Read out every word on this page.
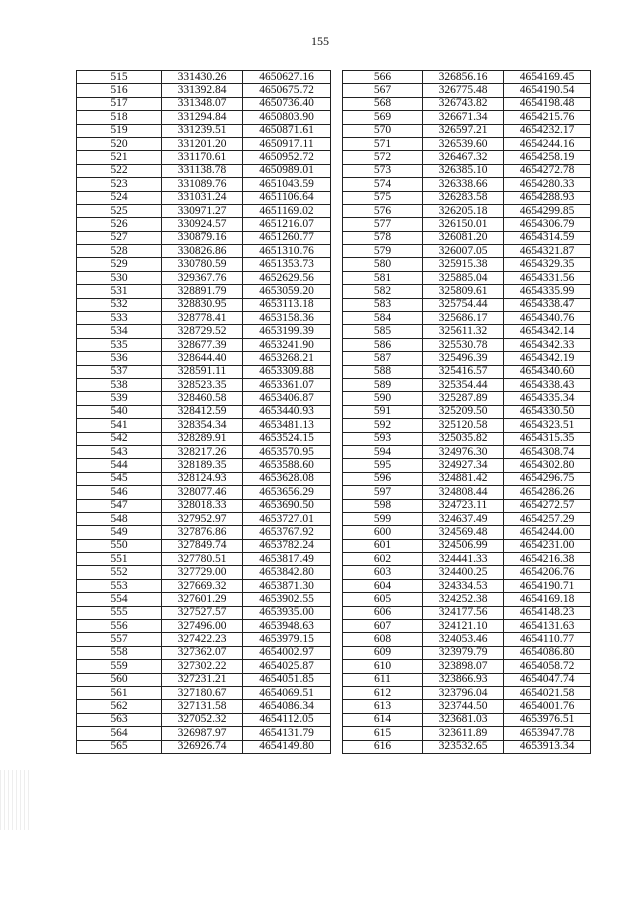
155
515	331430.26	4650627.16
516	331392.84	4650675.72
517	331348.07	4650736.40
518	331294.84	4650803.90
519	331239.51	4650871.61
520	331201.20	4650917.11
521	331170.61	4650952.72
522	331138.78	4650989.01
523	331089.76	4651043.59
524	331031.24	4651106.64
525	330971.27	4651169.02
526	330924.57	4651216.07
527	330879.16	4651260.77
528	330826.86	4651310.76
529	330780.59	4651353.73
530	329367.76	4652629.56
531	328891.79	4653059.20
532	328830.95	4653113.18
533	328778.41	4653158.36
534	328729.52	4653199.39
535	328677.39	4653241.90
536	328644.40	4653268.21
537	328591.11	4653309.88
538	328523.35	4653361.07
539	328460.58	4653406.87
540	328412.59	4653440.93
541	328354.34	4653481.13
542	328289.91	4653524.15
543	328217.26	4653570.95
544	328189.35	4653588.60
545	328124.93	4653628.08
546	328077.46	4653656.29
547	328018.33	4653690.50
548	327952.97	4653727.01
549	327876.86	4653767.92
550	327849.74	4653782.24
551	327780.51	4653817.49
552	327729.00	4653842.80
553	327669.32	4653871.30
554	327601.29	4653902.55
555	327527.57	4653935.00
556	327496.00	4653948.63
557	327422.23	4653979.15
558	327362.07	4654002.97
559	327302.22	4654025.87
560	327231.21	4654051.85
561	327180.67	4654069.51
562	327131.58	4654086.34
563	327052.32	4654112.05
564	326987.97	4654131.79
565	326926.74	4654149.80
566	326856.16	4654169.45
567	326775.48	4654190.54
568	326743.82	4654198.48
569	326671.34	4654215.76
570	326597.21	4654232.17
571	326539.60	4654244.16
572	326467.32	4654258.19
573	326385.10	4654272.78
574	326338.66	4654280.33
575	326283.58	4654288.93
576	326205.18	4654299.85
577	326150.01	4654306.79
578	326081.20	4654314.59
579	326007.05	4654321.87
580	325915.38	4654329.35
581	325885.04	4654331.56
582	325809.61	4654335.99
583	325754.44	4654338.47
584	325686.17	4654340.76
585	325611.32	4654342.14
586	325530.78	4654342.33
587	325496.39	4654342.19
588	325416.57	4654340.60
589	325354.44	4654338.43
590	325287.89	4654335.34
591	325209.50	4654330.50
592	325120.58	4654323.51
593	325035.82	4654315.35
594	324976.30	4654308.74
595	324927.34	4654302.80
596	324881.42	4654296.75
597	324808.44	4654286.26
598	324723.11	4654272.57
599	324637.49	4654257.29
600	324569.48	4654244.00
601	324506.99	4654231.00
602	324441.33	4654216.38
603	324400.25	4654206.76
604	324334.53	4654190.71
605	324252.38	4654169.18
606	324177.56	4654148.23
607	324121.10	4654131.63
608	324053.46	4654110.77
609	323979.79	4654086.80
610	323898.07	4654058.72
611	323866.93	4654047.74
612	323796.04	4654021.58
613	323744.50	4654001.76
614	323681.03	4653976.51
615	323611.89	4653947.78
616	323532.65	4653913.34
